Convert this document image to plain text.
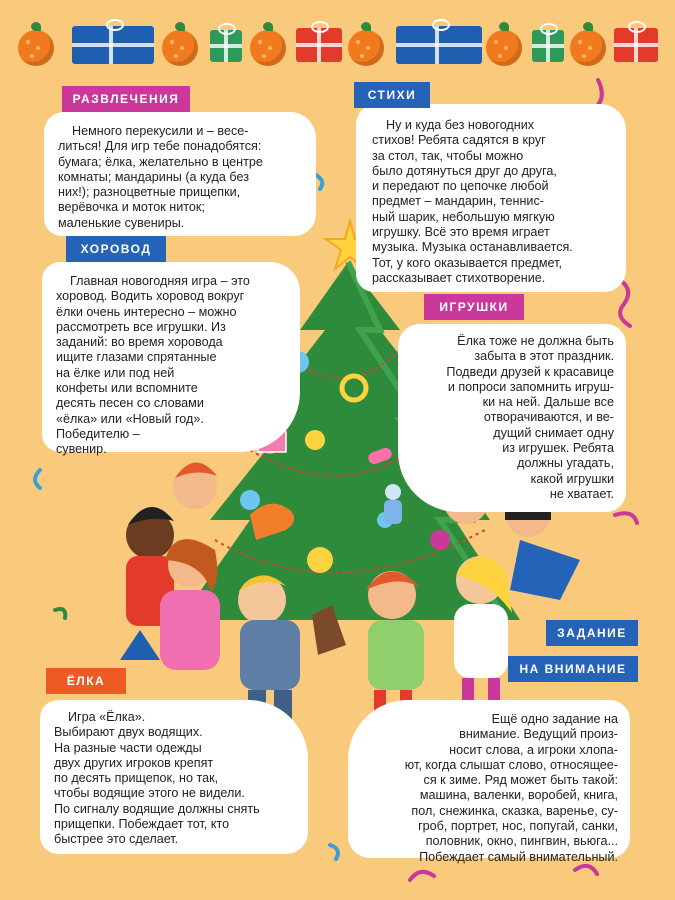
Немного перекусили и – весе-

литься! Для игр тебе понадобятся:

бумага; ёлка, желательно в центре

комнаты; мандарины (а куда без

них!); разноцветные прищепки,

верёвочка и моток ниток;

маленькие сувениры.

РАЗВЛЕЧЕНИЯ

Ну и куда без новогодних

стихов! Ребята садятся в круг

за стол, так, чтобы можно

было дотянуться друг до друга,

и передают по цепочке любой

предмет – мандарин, теннис-

ный шарик, небольшую мягкую

игрушку. Всё это время играет

музыка. Музыка останавливается.

Тот, у кого оказывается предмет,

рассказывает стихотворение.

СТИХИ

Главная новогодняя игра – это

хоровод. Водить хоровод вокруг

ёлки очень интересно – можно

рассмотреть все игрушки. Из

заданий: во время хоровода

ищите глазами спрятанные

на ёлке или под ней

конфеты или вспомните

десять песен со словами

«ёлка» или «Новый год».

Победителю –

сувенир.

ХОРОВОД

Ёлка тоже не должна быть

забыта в этот праздник.

Подведи друзей к красавице

и попроси запомнить игруш-

ки на ней. Дальше все

отворачиваются, и ве-

дущий снимает одну

из игрушек. Ребята

должны угадать,

какой игрушки

не хватает.

ИГРУШКИ

Игра «Ёлка».

Выбирают двух водящих.

На разные части одежды

двух других игроков крепят

по десять прищепок, но так,

чтобы водящие этого не видели.

По сигналу водящие должны снять

прищепки. Побеждает тот, кто

быстрее это сделает.

ЁЛКА

Ещё одно задание на

внимание. Ведущий произ-

носит слова, а игроки хлопа-

ют, когда слышат слово, относящее-

ся к зиме. Ряд может быть такой:

машина, валенки, воробей, книга,

пол, снежинка, сказка, варенье, су-

гроб, портрет, нос, попугай, санки,

половник, окно, пингвин, вьюга...

Побеждает самый внимательный.

ЗАДАНИЕ
НА ВНИМАНИЕ
